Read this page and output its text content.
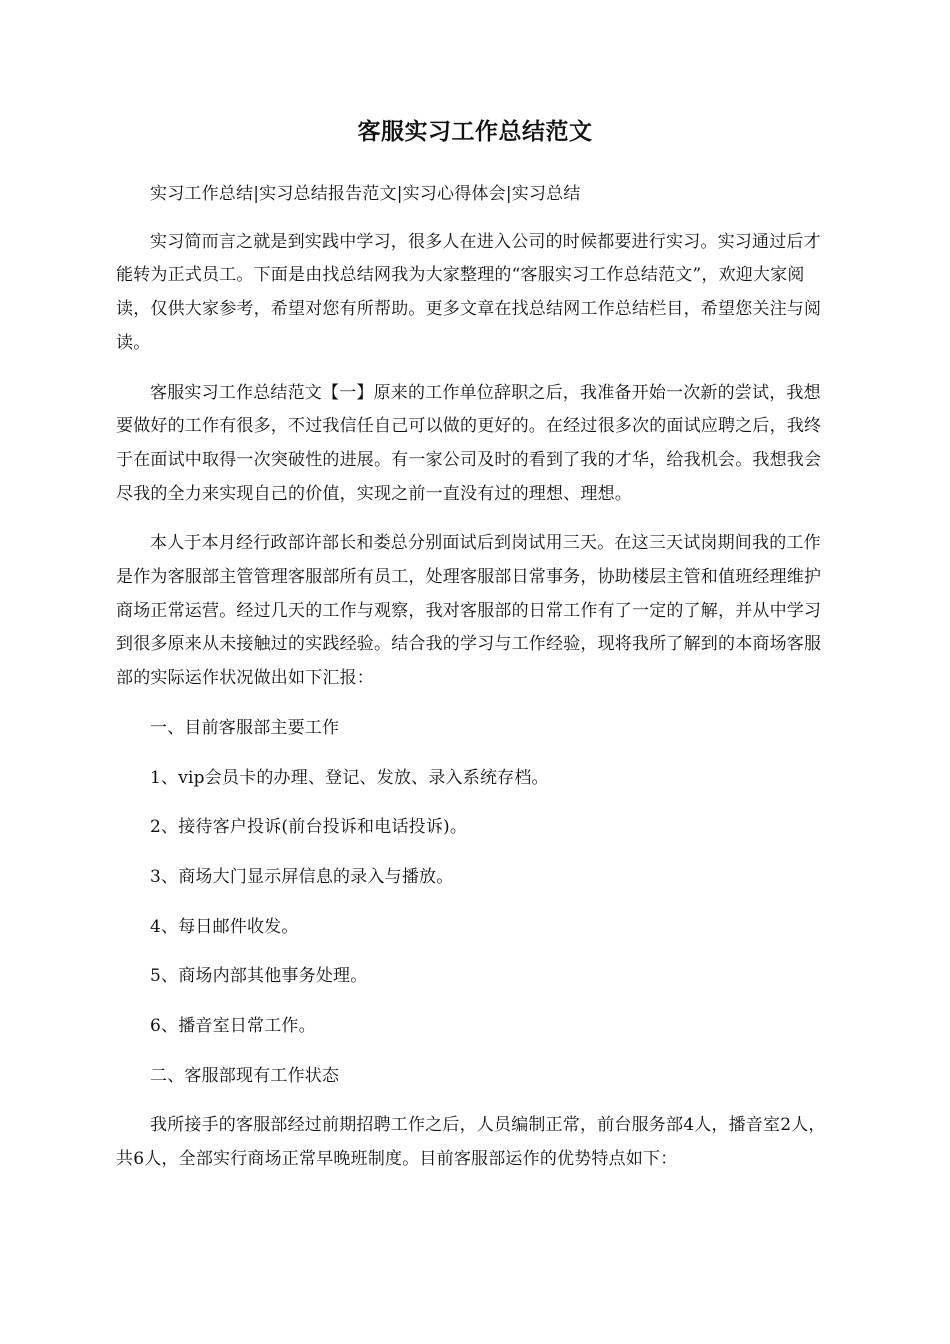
客服实习工作总结范文

实习工作总结|实习总结报告范文|实习心得体会|实习总结

实习简而言之就是到实践中学习，很多人在进入公司的时候都要进行实习。实习通过后才能转为正式员工。下面是由找总结网我为大家整理的“客服实习工作总结范文”，欢迎大家阅读，仅供大家参考，希望对您有所帮助。更多文章在找总结网工作总结栏目，希望您关注与阅读。

客服实习工作总结范文【一】原来的工作单位辞职之后，我准备开始一次新的尝试，我想要做好的工作有很多，不过我信任自己可以做的更好的。在经过很多次的面试应聘之后，我终于在面试中取得一次突破性的进展。有一家公司及时的看到了我的才华，给我机会。我想我会尽我的全力来实现自己的价值，实现之前一直没有过的理想、理想。

本人于本月经行政部许部长和娄总分别面试后到岗试用三天。在这三天试岗期间我的工作是作为客服部主管管理客服部所有员工，处理客服部日常事务，协助楼层主管和值班经理维护商场正常运营。经过几天的工作与观察，我对客服部的日常工作有了一定的了解，并从中学习到很多原来从未接触过的实践经验。结合我的学习与工作经验，现将我所了解到的本商场客服部的实际运作状况做出如下汇报：

一、目前客服部主要工作

1、vip会员卡的办理、登记、发放、录入系统存档。

2、接待客户投诉(前台投诉和电话投诉)。

3、商场大门显示屏信息的录入与播放。

4、每日邮件收发。

5、商场内部其他事务处理。

6、播音室日常工作。

二、客服部现有工作状态

我所接手的客服部经过前期招聘工作之后，人员编制正常，前台服务部4人，播音室2人，共6人，全部实行商场正常早晚班制度。目前客服部运作的优势特点如下：
